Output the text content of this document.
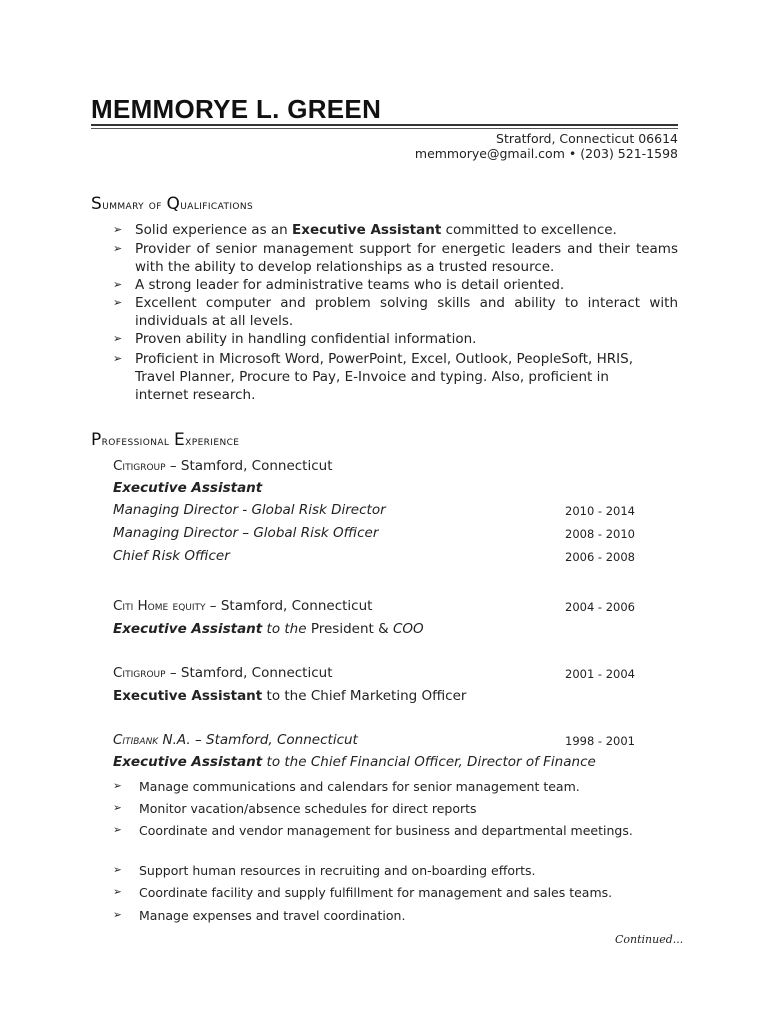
MEMMORYE L. GREEN
Stratford, Connecticut 06614
memmorye@gmail.com • (203) 521-1598
Summary of Qualifications
➢ Solid experience as an Executive Assistant committed to excellence.
➢ Provider of senior management support for energetic leaders and their teams with the ability to develop relationships as a trusted resource.
➢ A strong leader for administrative teams who is detail oriented.
➢ Excellent computer and problem solving skills and ability to interact with individuals at all levels.
➢ Proven ability in handling confidential information.
➢ Proficient in Microsoft Word, PowerPoint, Excel, Outlook, PeopleSoft, HRIS, Travel Planner, Procure to Pay, E-Invoice and typing. Also, proficient in internet research.
Professional Experience
Citigroup – Stamford, Connecticut
Executive Assistant
Managing Director - Global Risk Director	2010 - 2014
Managing Director – Global Risk Officer	2008 - 2010
Chief Risk Officer	2006 - 2008
Citi Home equity – Stamford, Connecticut	2004 - 2006
Executive Assistant to the President & COO
Citigroup – Stamford, Connecticut	2001 - 2004
Executive Assistant to the Chief Marketing Officer
Citibank N.A. – Stamford, Connecticut	1998 - 2001
Executive Assistant to the Chief Financial Officer, Director of Finance
➢ Manage communications and calendars for senior management team.
➢ Monitor vacation/absence schedules for direct reports
➢ Coordinate and vendor management for business and departmental meetings.
➢ Support human resources in recruiting and on-boarding efforts.
➢ Coordinate facility and supply fulfillment for management and sales teams.
➢ Manage expenses and travel coordination.
Continued...
